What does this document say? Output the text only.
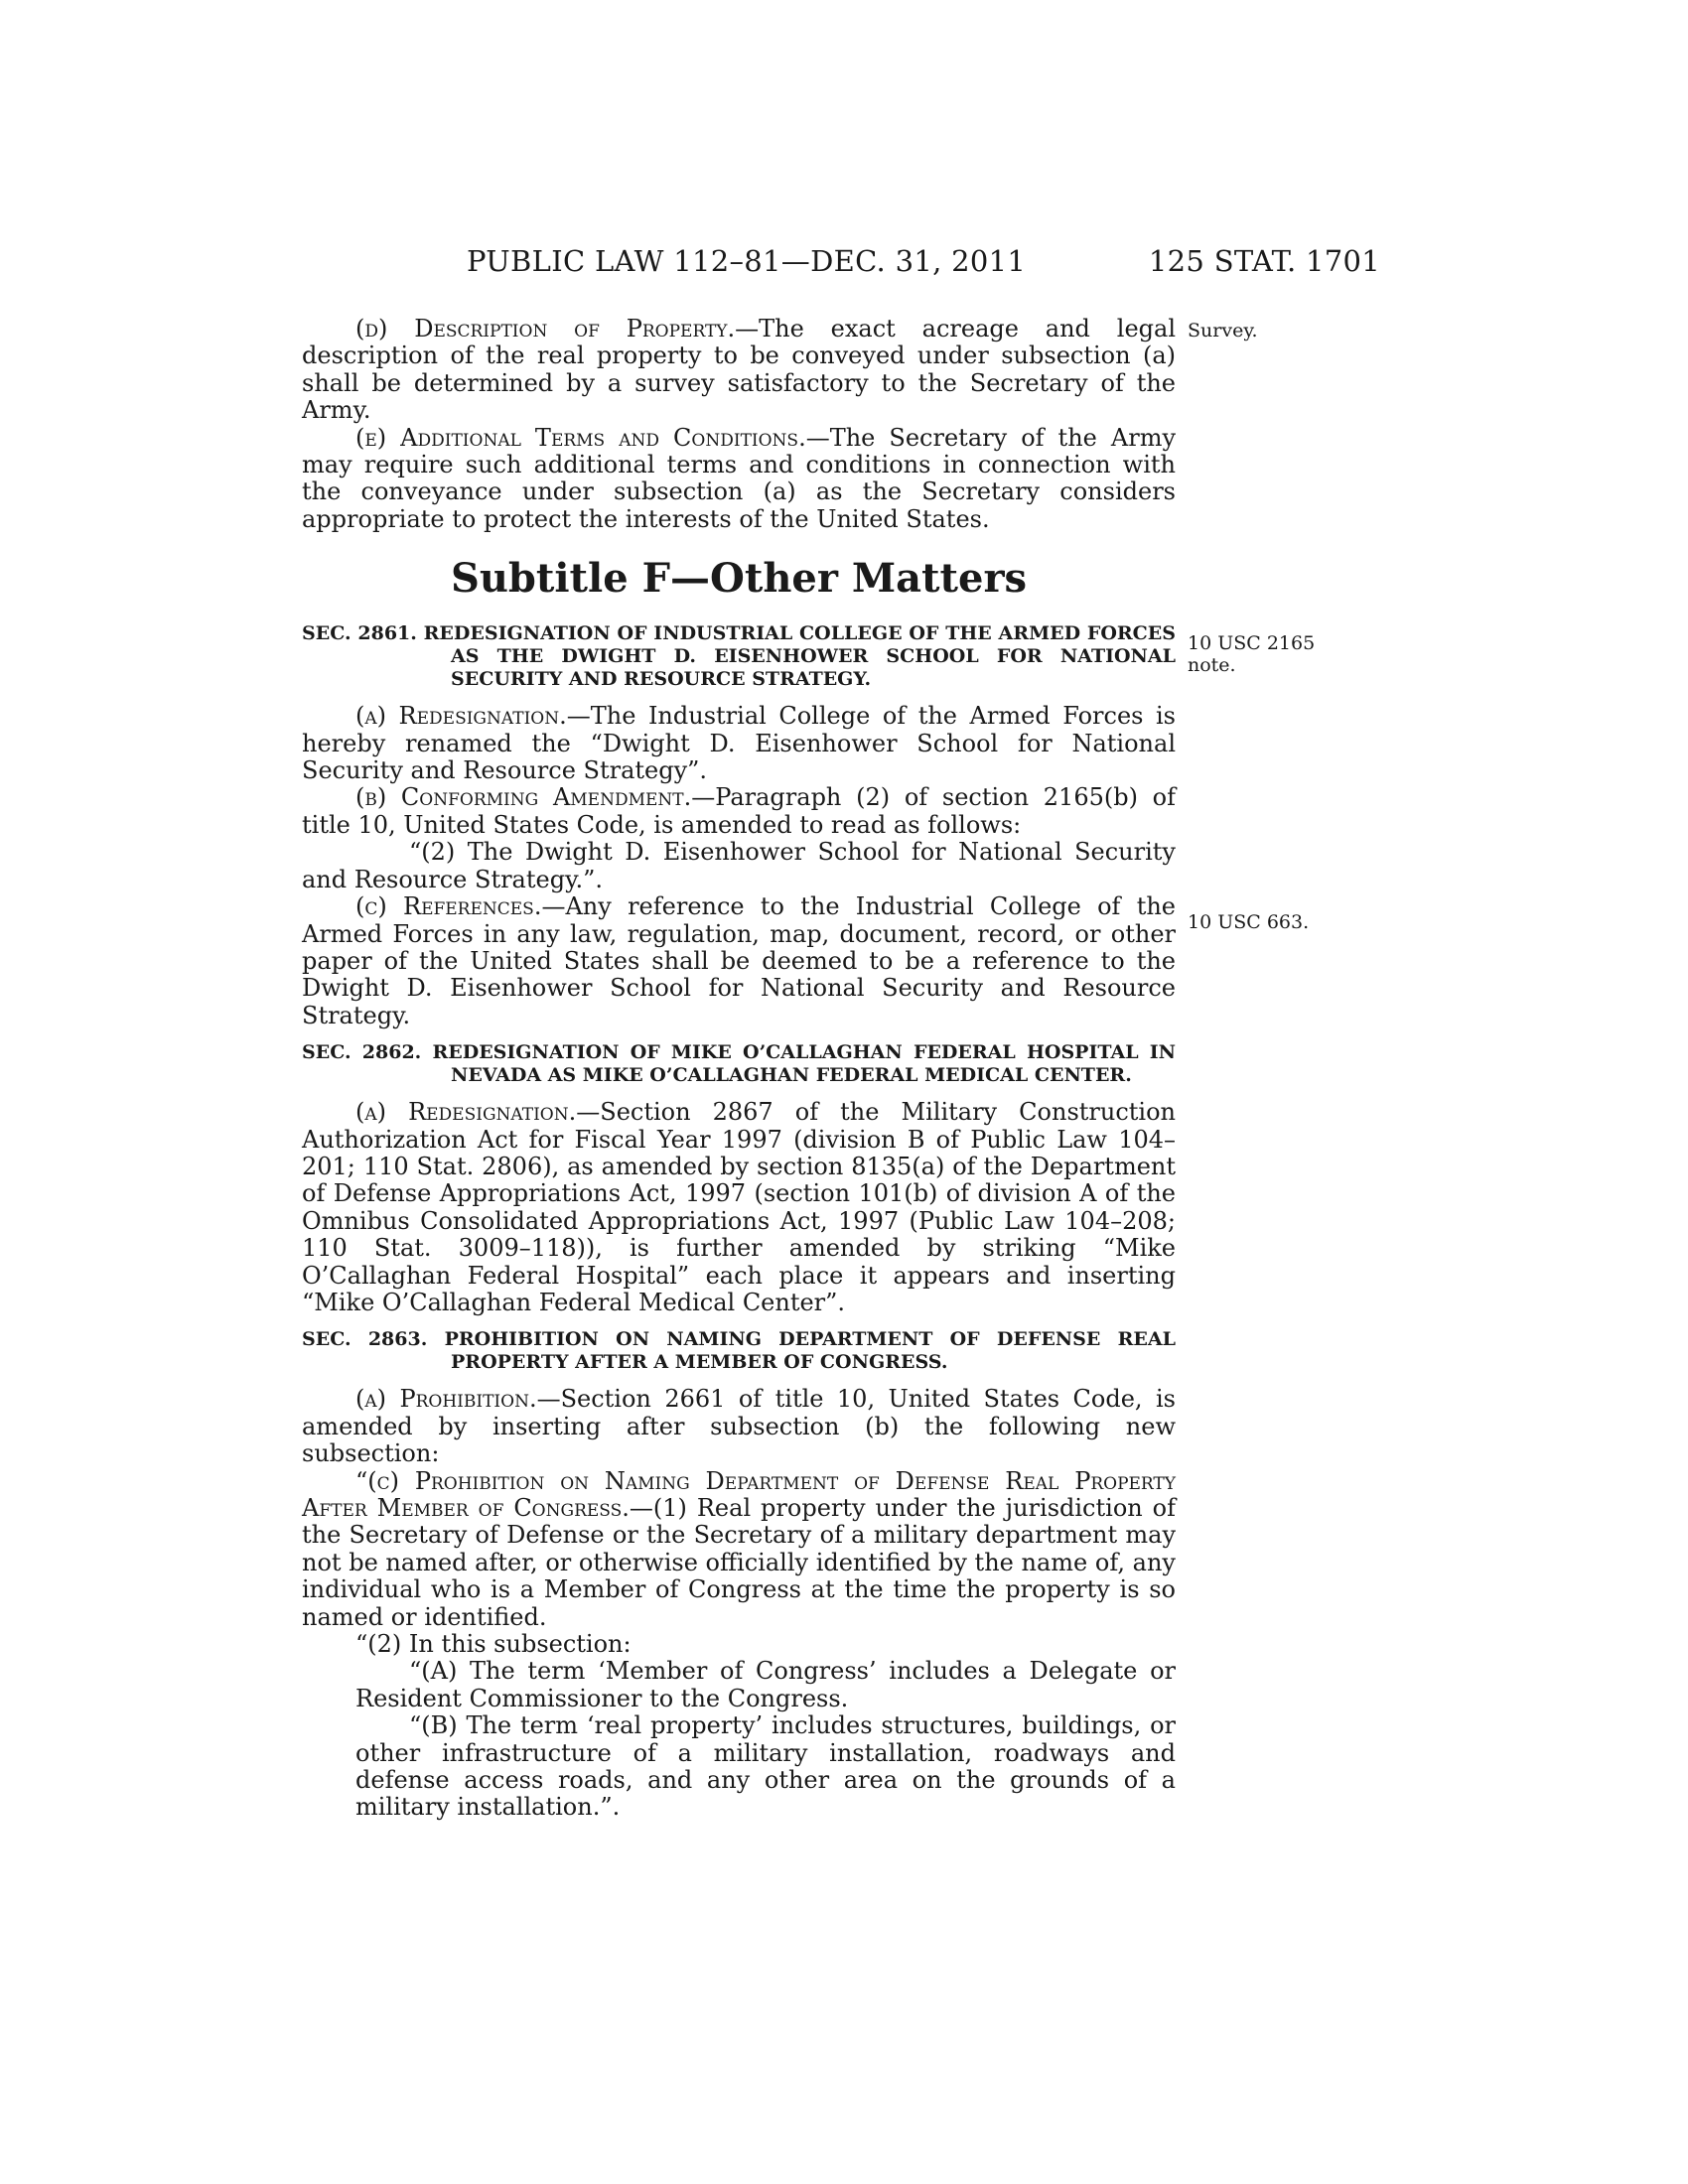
PUBLIC LAW 112–81—DEC. 31, 2011	125 STAT. 1701
Survey.
10 USC 2165
note.
10 USC 663.

(d) Description of Property.—The exact acreage and legal description of the real property to be conveyed under subsection (a) shall be determined by a survey satisfactory to the Secretary of the Army.

(e) Additional Terms and Conditions.—The Secretary of the Army may require such additional terms and conditions in connection with the conveyance under subsection (a) as the Secretary considers appropriate to protect the interests of the United States.

Subtitle F—Other Matters
SEC. 2861. REDESIGNATION OF INDUSTRIAL COLLEGE OF THE ARMED FORCES AS THE DWIGHT D. EISENHOWER SCHOOL FOR NATIONAL SECURITY AND RESOURCE STRATEGY.

(a) Redesignation.—The Industrial College of the Armed Forces is hereby renamed the “Dwight D. Eisenhower School for National Security and Resource Strategy”.

(b) Conforming Amendment.—Paragraph (2) of section 2165(b) of title 10, United States Code, is amended to read as follows:

“(2) The Dwight D. Eisenhower School for National Security and Resource Strategy.”.

(c) References.—Any reference to the Industrial College of the Armed Forces in any law, regulation, map, document, record, or other paper of the United States shall be deemed to be a reference to the Dwight D. Eisenhower School for National Security and Resource Strategy.

SEC. 2862. REDESIGNATION OF MIKE O’CALLAGHAN FEDERAL HOSPITAL IN NEVADA AS MIKE O’CALLAGHAN FEDERAL MEDICAL CENTER.

(a) Redesignation.—Section 2867 of the Military Construction Authorization Act for Fiscal Year 1997 (division B of Public Law 104–201; 110 Stat. 2806), as amended by section 8135(a) of the Department of Defense Appropriations Act, 1997 (section 101(b) of division A of the Omnibus Consolidated Appropriations Act, 1997 (Public Law 104–208; 110 Stat. 3009–118)), is further amended by striking “Mike O’Callaghan Federal Hospital” each place it appears and inserting “Mike O’Callaghan Federal Medical Center”.

SEC. 2863. PROHIBITION ON NAMING DEPARTMENT OF DEFENSE REAL PROPERTY AFTER A MEMBER OF CONGRESS.

(a) Prohibition.—Section 2661 of title 10, United States Code, is amended by inserting after subsection (b) the following new subsection:

“(c) Prohibition on Naming Department of Defense Real Property After Member of Congress.—(1) Real property under the jurisdiction of the Secretary of Defense or the Secretary of a military department may not be named after, or otherwise officially identified by the name of, any individual who is a Member of Congress at the time the property is so named or identified.

“(2) In this subsection:

“(A) The term ‘Member of Congress’ includes a Delegate or Resident Commissioner to the Congress.

“(B) The term ‘real property’ includes structures, buildings, or other infrastructure of a military installation, roadways and defense access roads, and any other area on the grounds of a military installation.”.
